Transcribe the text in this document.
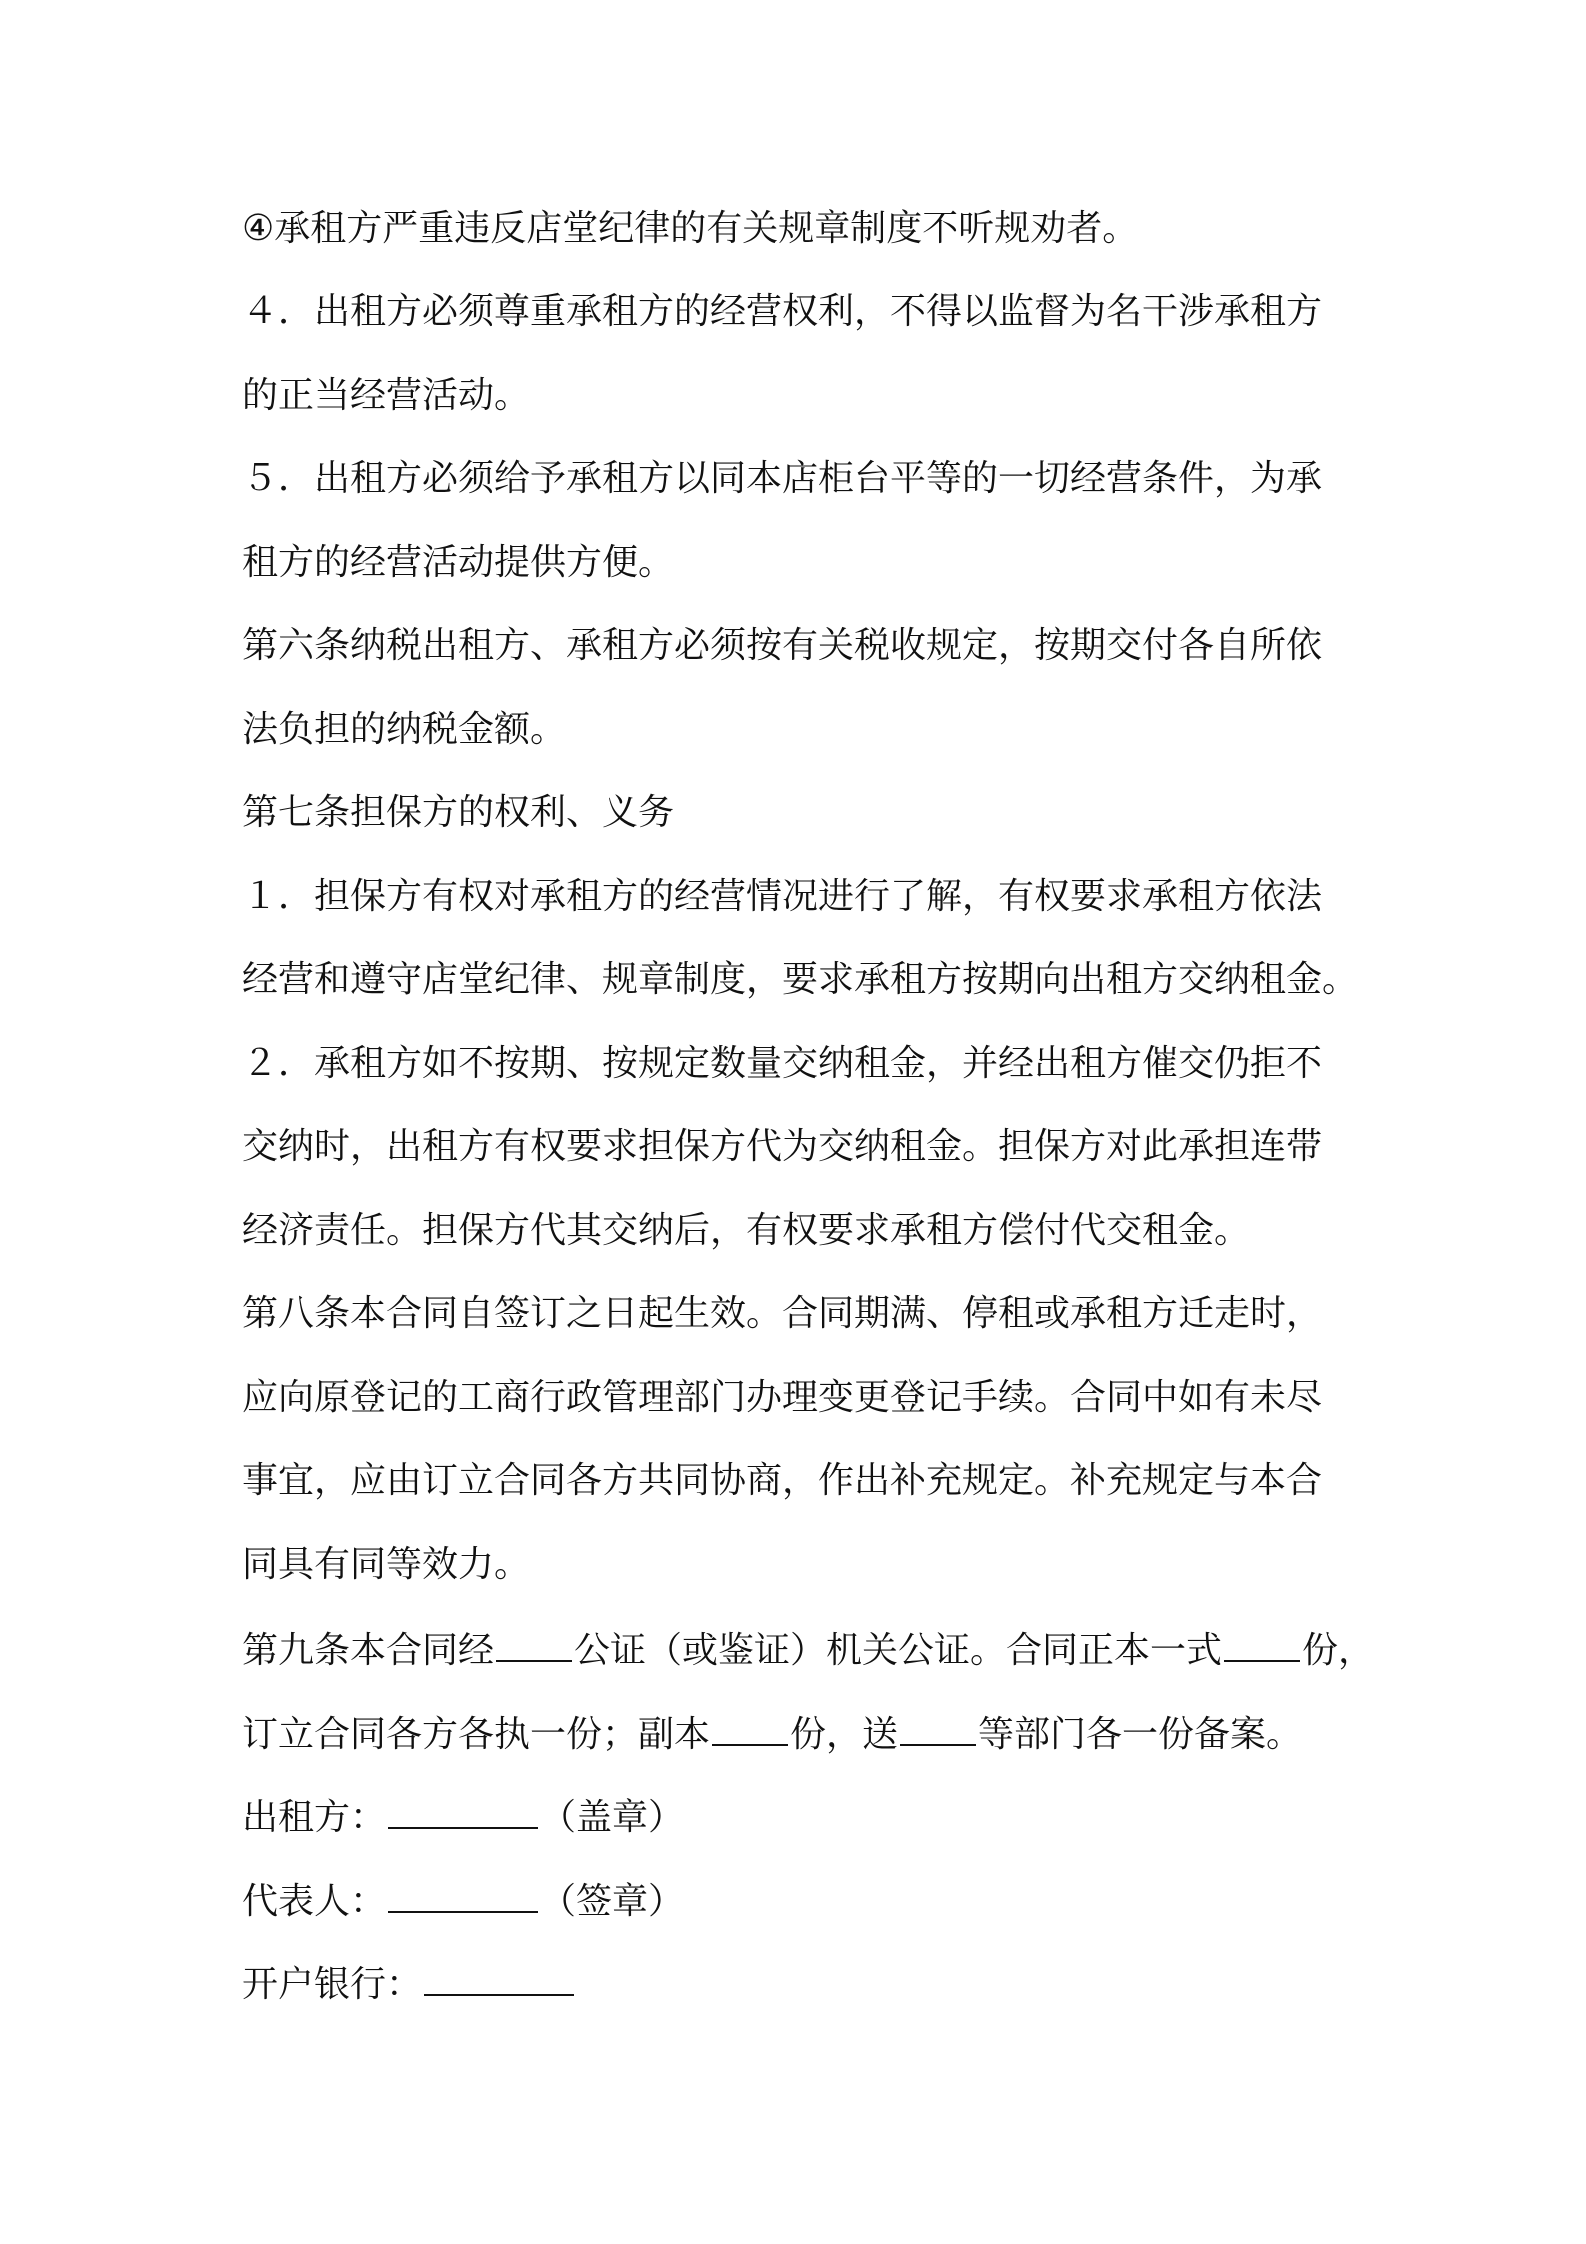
④承租方严重违反店堂纪律的有关规章制度不听规劝者。
４．出租方必须尊重承租方的经营权利，不得以监督为名干涉承租方
的正当经营活动。
５．出租方必须给予承租方以同本店柜台平等的一切经营条件，为承
租方的经营活动提供方便。
第六条纳税出租方、承租方必须按有关税收规定，按期交付各自所依
法负担的纳税金额。
第七条担保方的权利、义务
１．担保方有权对承租方的经营情况进行了解，有权要求承租方依法
经营和遵守店堂纪律、规章制度，要求承租方按期向出租方交纳租金。
２．承租方如不按期、按规定数量交纳租金，并经出租方催交仍拒不
交纳时，出租方有权要求担保方代为交纳租金。担保方对此承担连带
经济责任。担保方代其交纳后，有权要求承租方偿付代交租金。
第八条本合同自签订之日起生效。合同期满、停租或承租方迁走时，
应向原登记的工商行政管理部门办理变更登记手续。合同中如有未尽
事宜，应由订立合同各方共同协商，作出补充规定。补充规定与本合
同具有同等效力。
第九条本合同经 公证（或鉴证）机关公证。合同正本一式 份，
订立合同各方各执一份；副本 份，送 等部门各一份备案。
出租方：	（盖章）
代表人：	（签章）
开户银行：
